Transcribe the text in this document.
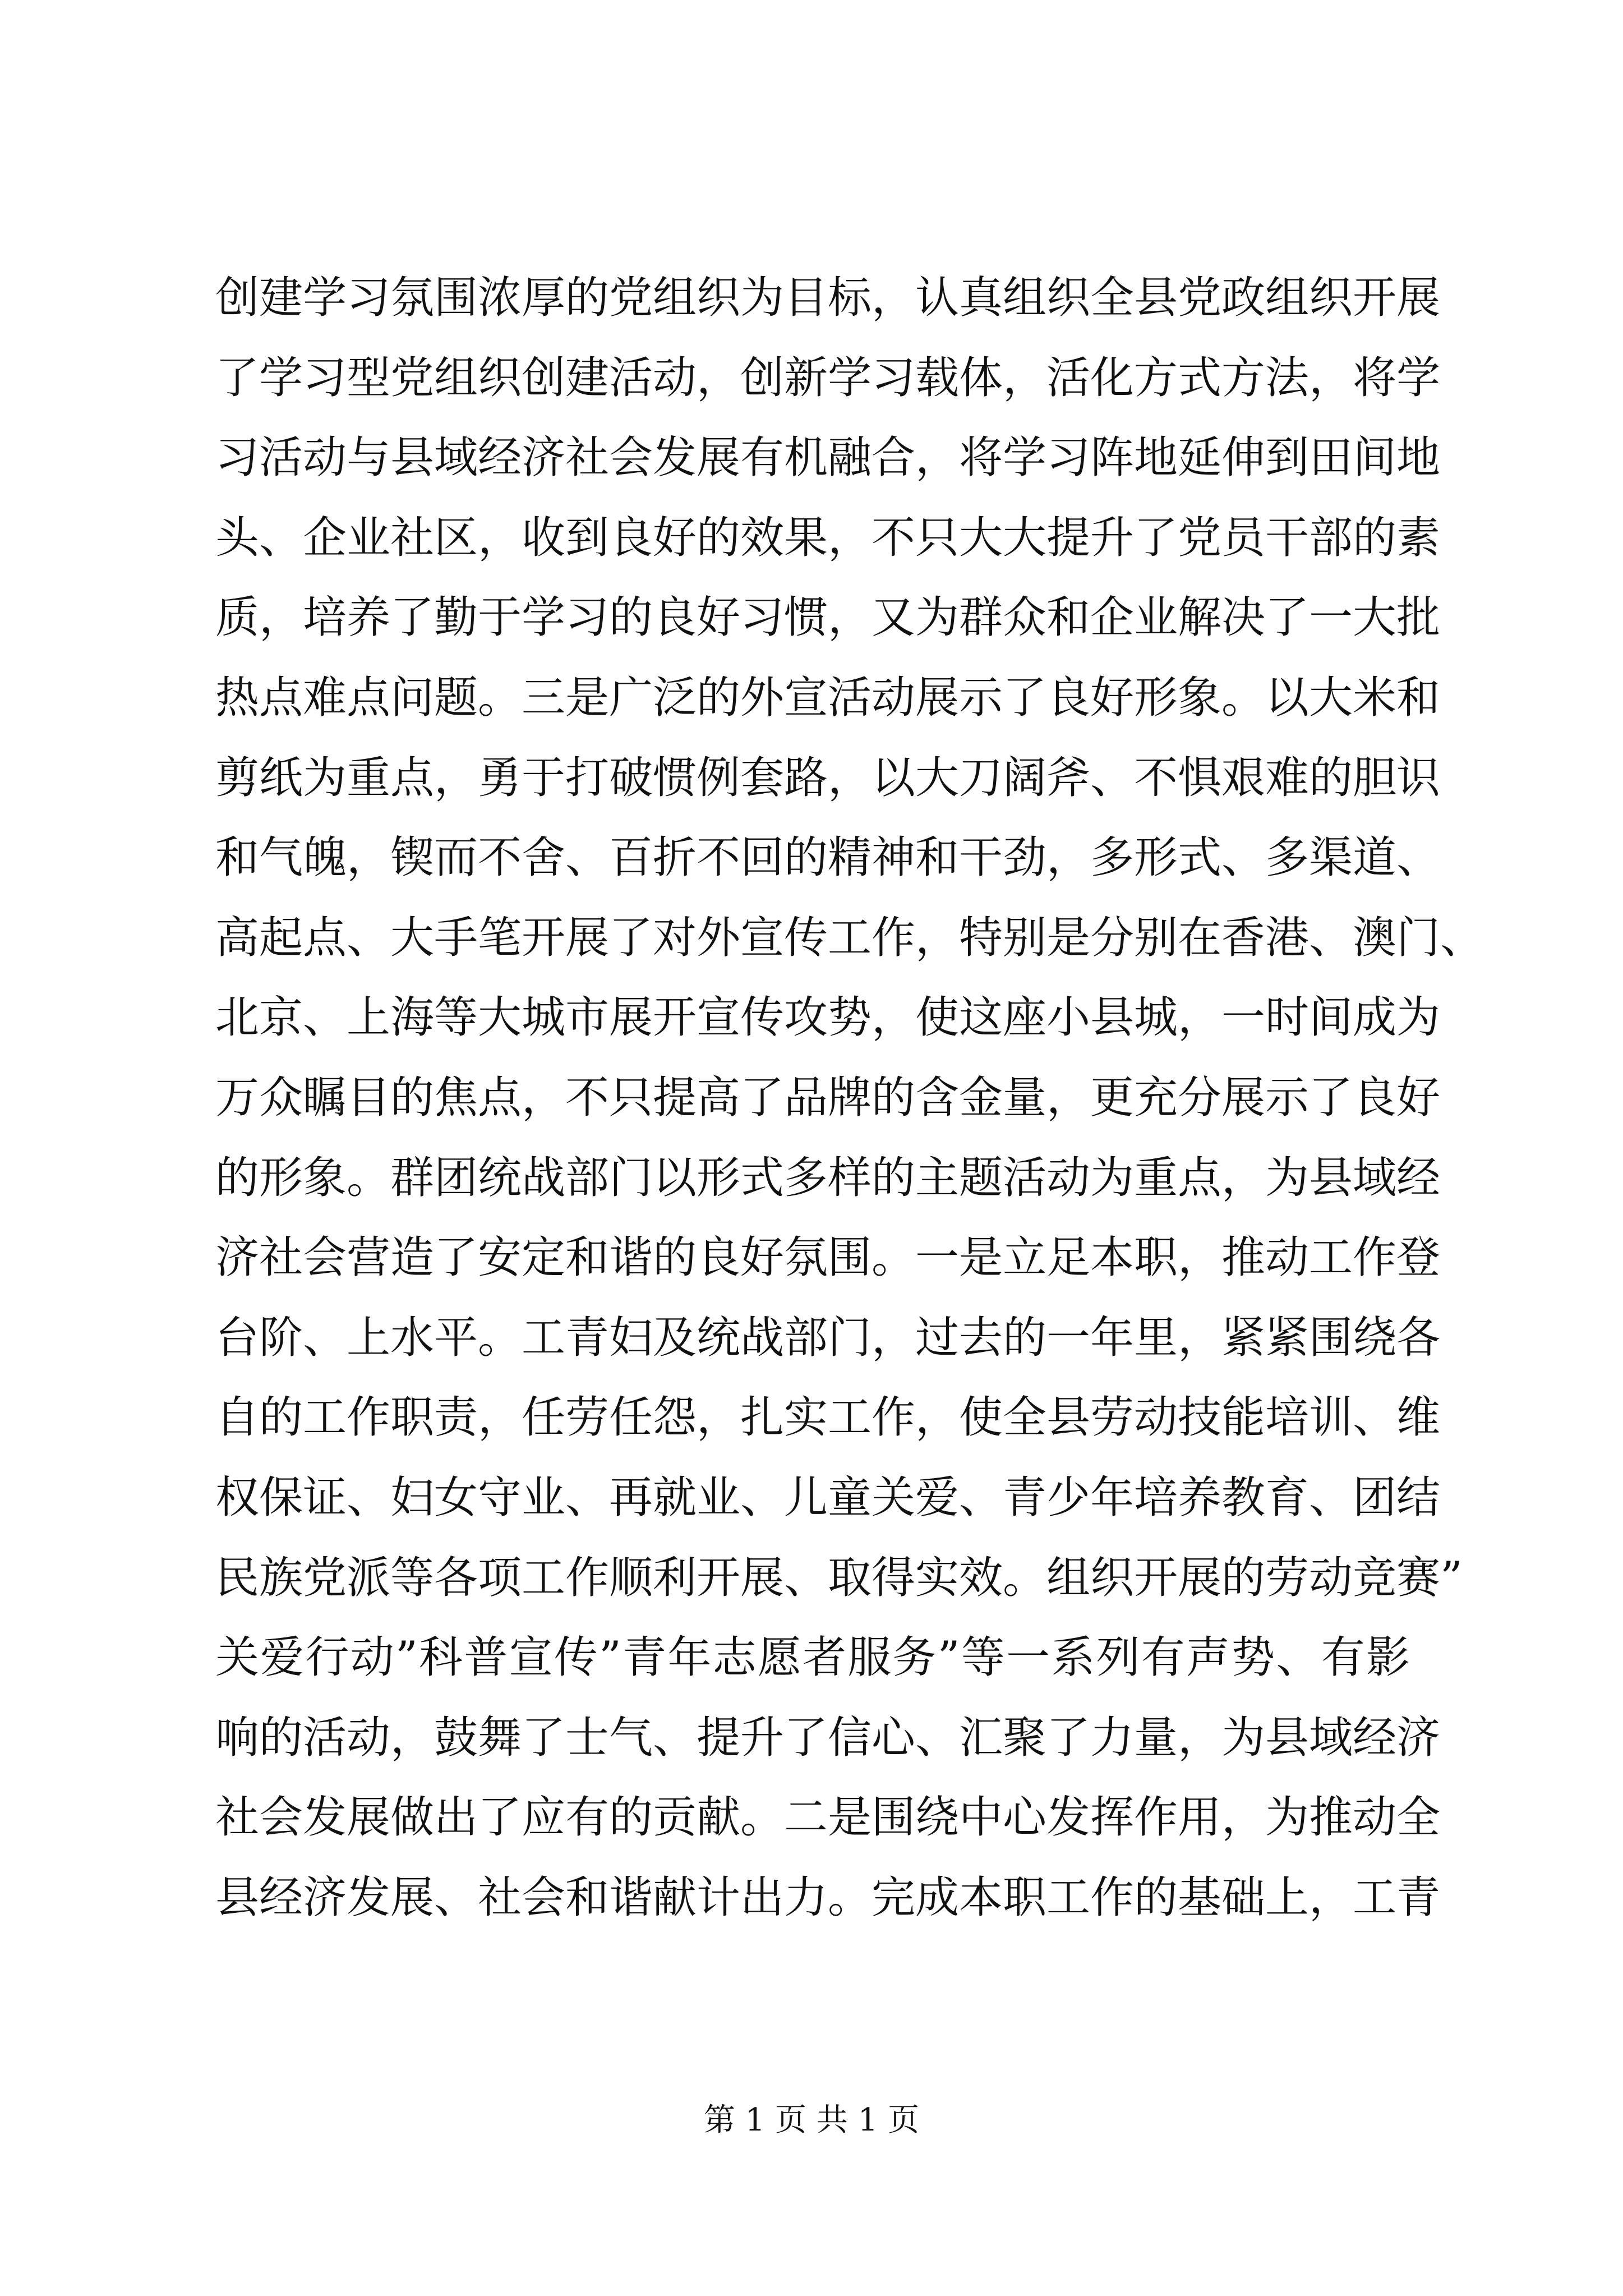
创建学习氛围浓厚的党组织为目标，认真组织全县党政组织开展
了学习型党组织创建活动，创新学习载体，活化方式方法，将学
习活动与县域经济社会发展有机融合，将学习阵地延伸到田间地
头、企业社区，收到良好的效果，不只大大提升了党员干部的素
质，培养了勤于学习的良好习惯，又为群众和企业解决了一大批
热点难点问题。三是广泛的外宣活动展示了良好形象。以大米和
剪纸为重点，勇于打破惯例套路，以大刀阔斧、不惧艰难的胆识
和气魄，锲而不舍、百折不回的精神和干劲，多形式、多渠道、
高起点、大手笔开展了对外宣传工作，特别是分别在香港、澳门、
北京、上海等大城市展开宣传攻势，使这座小县城，一时间成为
万众瞩目的焦点，不只提高了品牌的含金量，更充分展示了良好
的形象。群团统战部门以形式多样的主题活动为重点，为县域经
济社会营造了安定和谐的良好氛围。一是立足本职，推动工作登
台阶、上水平。工青妇及统战部门，过去的一年里，紧紧围绕各
自的工作职责，任劳任怨，扎实工作，使全县劳动技能培训、维
权保证、妇女守业、再就业、儿童关爱、青少年培养教育、团结
民族党派等各项工作顺利开展、取得实效。组织开展的劳动竞赛”
关爱行动”科普宣传”青年志愿者服务”等一系列有声势、有影
响的活动，鼓舞了士气、提升了信心、汇聚了力量，为县域经济
社会发展做出了应有的贡献。二是围绕中心发挥作用，为推动全
县经济发展、社会和谐献计出力。完成本职工作的基础上，工青
第 1 页 共 1 页
